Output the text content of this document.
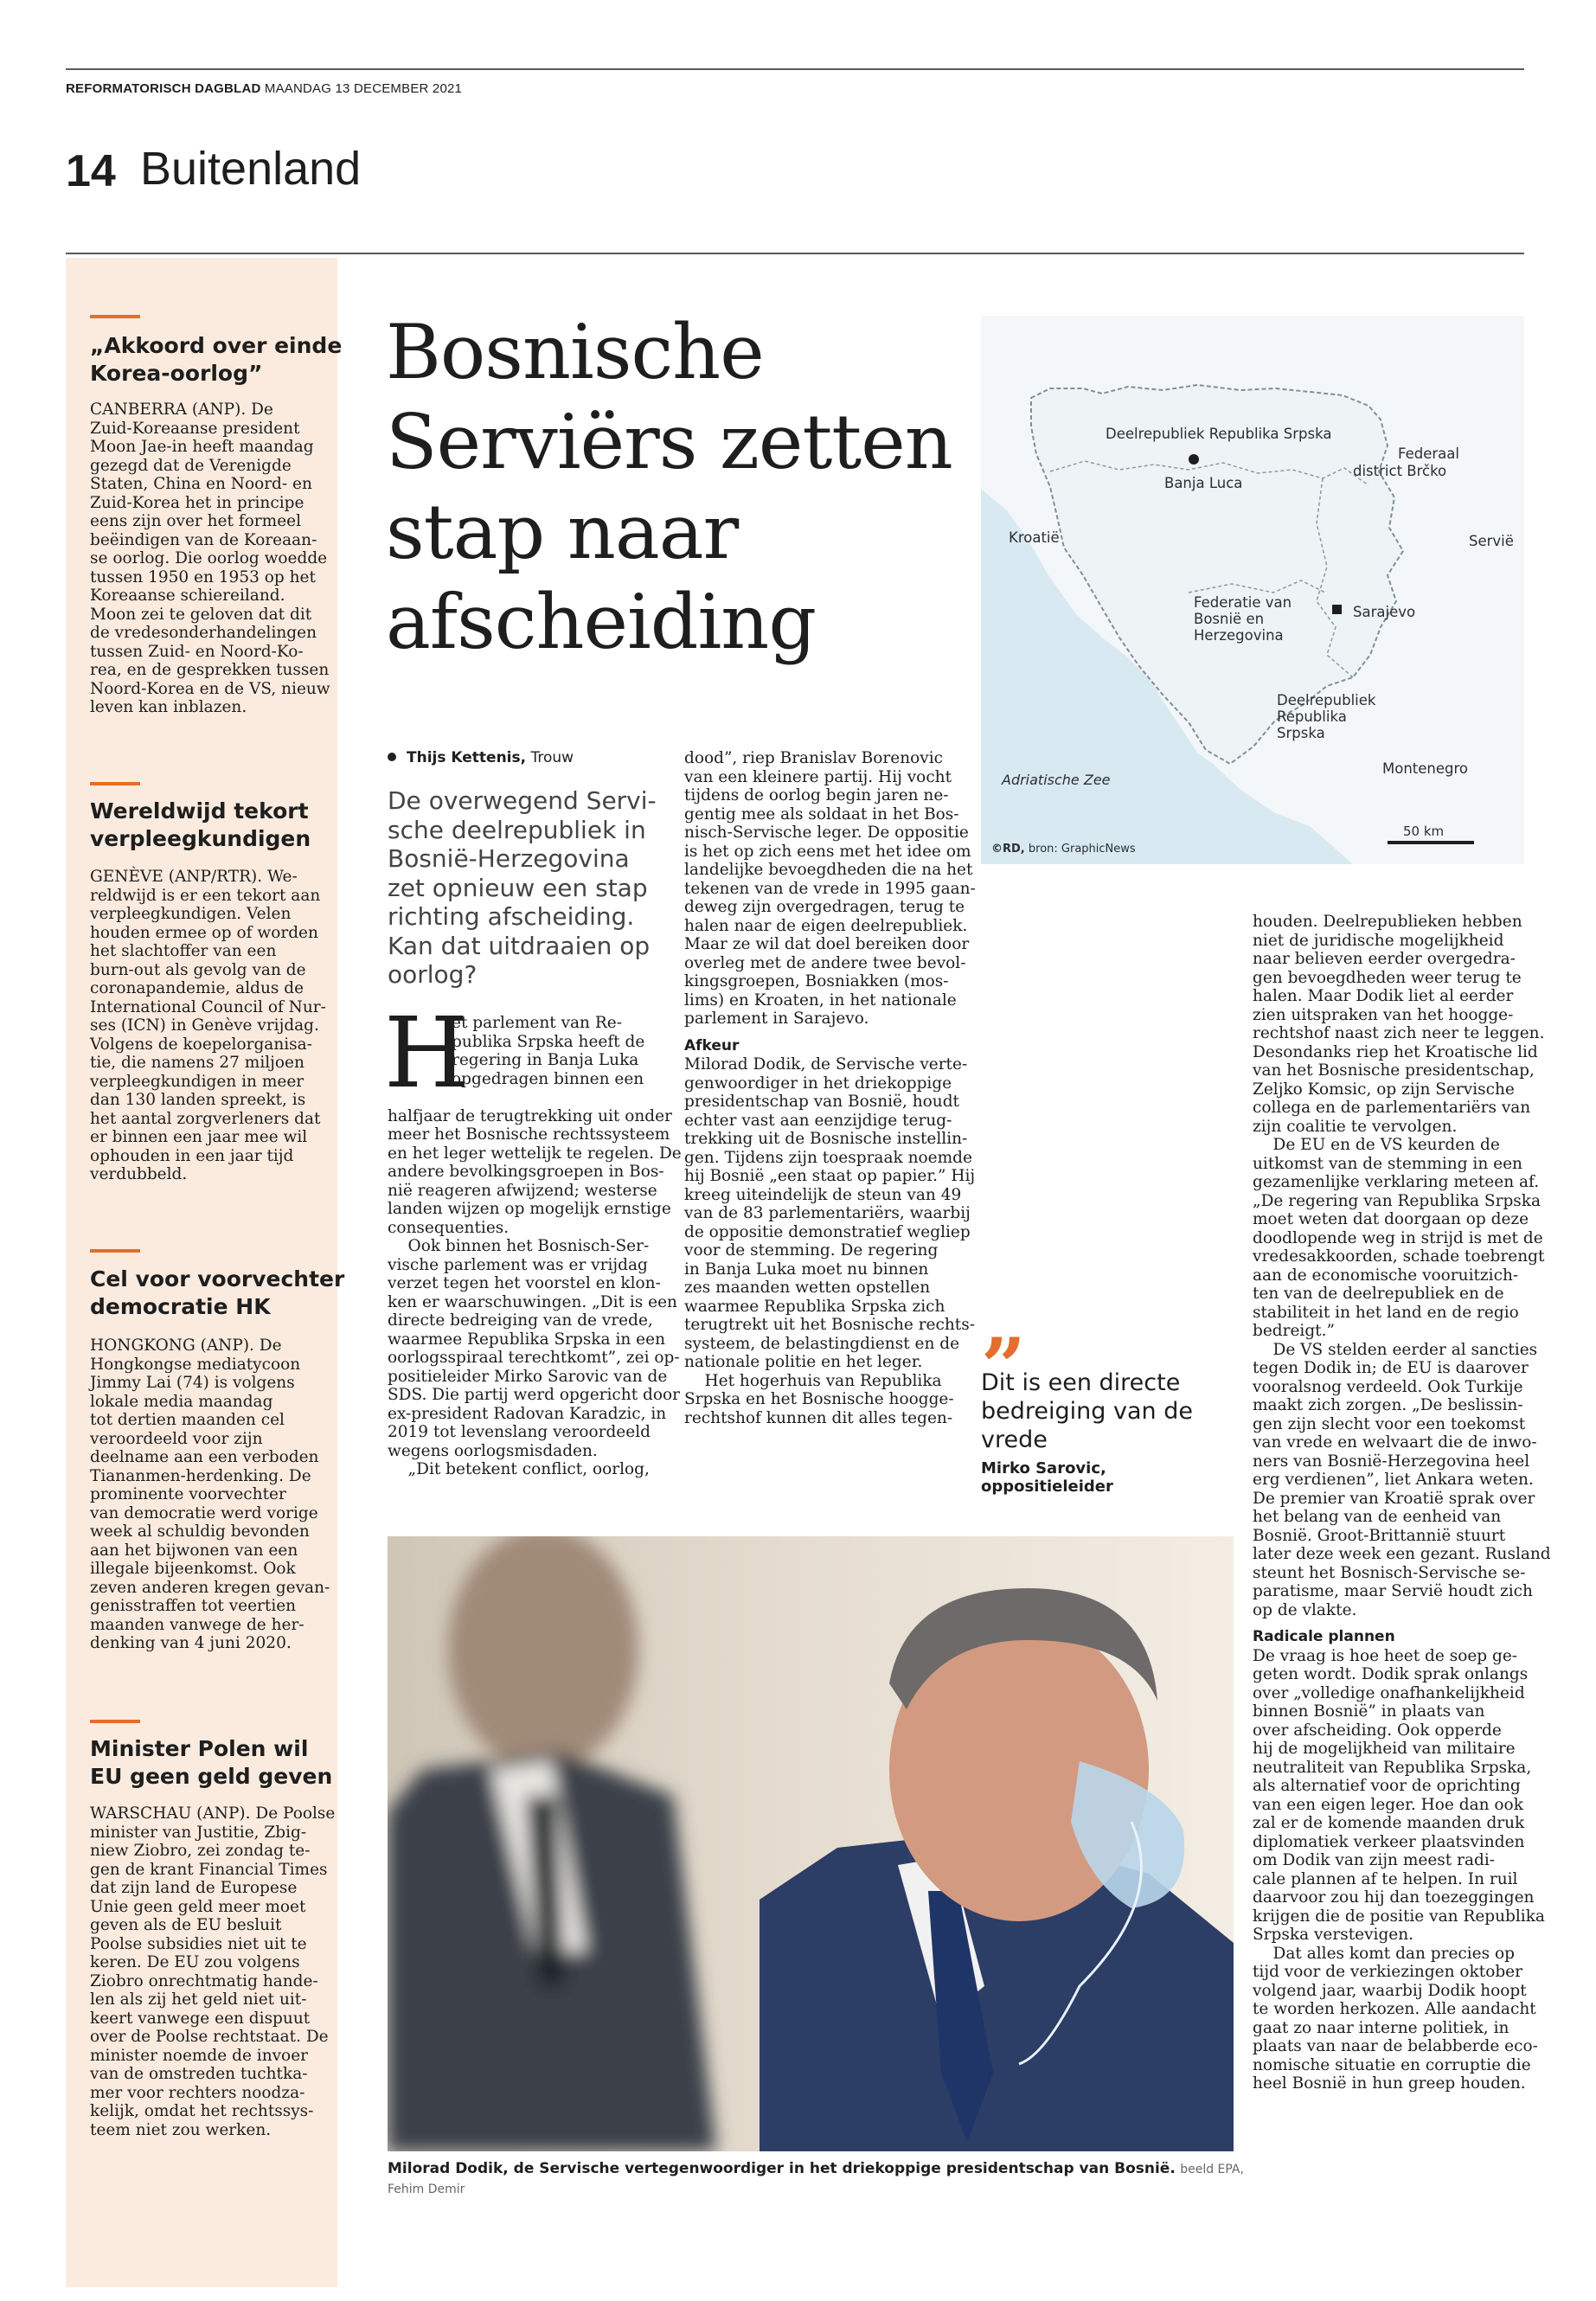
REFORMATORISCH DAGBLAD MAANDAG 13 DECEMBER 2021
14 Buitenland
„Akkoord over einde
Korea-oorlog”
CANBERRA (ANP). De
Zuid-Koreaanse president
Moon Jae-in heeft maandag
gezegd dat de Verenigde
Staten, China en Noord- en
Zuid-Korea het in principe
eens zijn over het formeel
beëindigen van de Koreaan-
se oorlog. Die oorlog woedde
tussen 1950 en 1953 op het
Koreaanse schiereiland.
Moon zei te geloven dat dit
de vredesonderhandelingen
tussen Zuid- en Noord-Ko-
rea, en de gesprekken tussen
Noord-Korea en de VS, nieuw
leven kan inblazen.
Wereldwijd tekort
verpleegkundigen
GENÈVE (ANP/RTR). We-
reldwijd is er een tekort aan
verpleegkundigen. Velen
houden ermee op of worden
het slachtoffer van een
burn-out als gevolg van de
coronapandemie, aldus de
International Council of Nur-
ses (ICN) in Genève vrijdag.
Volgens de koepelorganisa-
tie, die namens 27 miljoen
verpleegkundigen in meer
dan 130 landen spreekt, is
het aantal zorgverleners dat
er binnen een jaar mee wil
ophouden in een jaar tijd
verdubbeld.
Cel voor voorvechter
democratie HK
HONGKONG (ANP). De
Hongkongse mediatycoon
Jimmy Lai (74) is volgens
lokale media maandag
tot dertien maanden cel
veroordeeld voor zijn
deelname aan een verboden
Tiananmen-herdenking. De
prominente voorvechter
van democratie werd vorige
week al schuldig bevonden
aan het bijwonen van een
illegale bijeenkomst. Ook
zeven anderen kregen gevan-
genisstraffen tot veertien
maanden vanwege de her-
denking van 4 juni 2020.
Minister Polen wil
EU geen geld geven
WARSCHAU (ANP). De Poolse
minister van Justitie, Zbig-
niew Ziobro, zei zondag te-
gen de krant Financial Times
dat zijn land de Europese
Unie geen geld meer moet
geven als de EU besluit
Poolse subsidies niet uit te
keren. De EU zou volgens
Ziobro onrechtmatig hande-
len als zij het geld niet uit-
keert vanwege een dispuut
over de Poolse rechtstaat. De
minister noemde de invoer
van de omstreden tuchtka-
mer voor rechters noodza-
kelijk, omdat het rechtssys-
teem niet zou werken.
Bosnische
Serviërs zetten
stap naar
afscheiding
Thijs Kettenis, Trouw
De overwegend Servi-
sche deelrepubliek in
Bosnië-Herzegovina
zet opnieuw een stap
richting afscheiding.
Kan dat uitdraaien op
oorlog?
H
et parlement van Re-
publika Srpska heeft de
regering in Banja Luka
opgedragen binnen een

halfjaar de terugtrekking uit onder
meer het Bosnische rechtssysteem
en het leger wettelijk te regelen. De
andere bevolkingsgroepen in Bos-
nië reageren afwijzend; westerse
landen wijzen op mogelijk ernstige
consequenties.
Ook binnen het Bosnisch-Ser-
vische parlement was er vrijdag
verzet tegen het voorstel en klon-
ken er waarschuwingen. „Dit is een
directe bedreiging van de vrede,
waarmee Republika Srpska in een
oorlogsspiraal terechtkomt”, zei op-
positieleider Mirko Sarovic van de
SDS. Die partij werd opgericht door
ex-president Radovan Karadzic, in
2019 tot levenslang veroordeeld
wegens oorlogsmisdaden.
„Dit betekent conflict, oorlog,

dood”, riep Branislav Borenovic
van een kleinere partij. Hij vocht
tijdens de oorlog begin jaren ne-
gentig mee als soldaat in het Bos-
nisch-Servische leger. De oppositie
is het op zich eens met het idee om
landelijke bevoegdheden die na het
tekenen van de vrede in 1995 gaan-
deweg zijn overgedragen, terug te
halen naar de eigen deelrepubliek.
Maar ze wil dat doel bereiken door
overleg met de andere twee bevol-
kingsgroepen, Bosniakken (mos-
lims) en Kroaten, in het nationale
parlement in Sarajevo.
Afkeur
Milorad Dodik, de Servische verte-
genwoordiger in het driekoppige
presidentschap van Bosnië, houdt
echter vast aan eenzijdige terug-
trekking uit de Bosnische instellin-
gen. Tijdens zijn toespraak noemde
hij Bosnië „een staat op papier.” Hij
kreeg uiteindelijk de steun van 49
van de 83 parlementariërs, waarbij
de oppositie demonstratief wegliep
voor de stemming. De regering
in Banja Luka moet nu binnen
zes maanden wetten opstellen
waarmee Republika Srpska zich
terugtrekt uit het Bosnische rechts-
systeem, de belastingdienst en de
nationale politie en het leger.
Het hogerhuis van Republika
Srpska en het Bosnische hoogge-
rechtshof kunnen dit alles tegen-
Deelrepubliek Republika Srpska
Banja Luca
Federaal district Brčko
Kroatië	Servië
Federatie van Bosnië en Herzegovina
Sarajevo
Deelrepubliek Republika Srpska
Adriatische Zee
Montenegro
50 km
©RD, bron: GraphicNews
”
Dit is een directe
bedreiging van de
vrede
Mirko Sarovic,
oppositieleider
houden. Deelrepublieken hebben
niet de juridische mogelijkheid
naar believen eerder overgedra-
gen bevoegdheden weer terug te
halen. Maar Dodik liet al eerder
zien uitspraken van het hoogge-
rechtshof naast zich neer te leggen.
Desondanks riep het Kroatische lid
van het Bosnische presidentschap,
Zeljko Komsic, op zijn Servische
collega en de parlementariërs van
zijn coalitie te vervolgen.
De EU en de VS keurden de
uitkomst van de stemming in een
gezamenlijke verklaring meteen af.
„De regering van Republika Srpska
moet weten dat doorgaan op deze
doodlopende weg in strijd is met de
vredesakkoorden, schade toebrengt
aan de economische vooruitzich-
ten van de deelrepubliek en de
stabiliteit in het land en de regio
bedreigt.”
De VS stelden eerder al sancties
tegen Dodik in; de EU is daarover
vooralsnog verdeeld. Ook Turkije
maakt zich zorgen. „De beslissin-
gen zijn slecht voor een toekomst
van vrede en welvaart die de inwo-
ners van Bosnië-Herzegovina heel
erg verdienen”, liet Ankara weten.
De premier van Kroatië sprak over
het belang van de eenheid van
Bosnië. Groot-Brittannië stuurt
later deze week een gezant. Rusland
steunt het Bosnisch-Servische se-
paratisme, maar Servië houdt zich
op de vlakte.
Radicale plannen
De vraag is hoe heet de soep ge-
geten wordt. Dodik sprak onlangs
over „volledige onafhankelijkheid
binnen Bosnië” in plaats van
over afscheiding. Ook opperde
hij de mogelijkheid van militaire
neutraliteit van Republika Srpska,
als alternatief voor de oprichting
van een eigen leger. Hoe dan ook
zal er de komende maanden druk
diplomatiek verkeer plaatsvinden
om Dodik van zijn meest radi-
cale plannen af te helpen. In ruil
daarvoor zou hij dan toezeggingen
krijgen die de positie van Republika
Srpska verstevigen.
Dat alles komt dan precies op
tijd voor de verkiezingen oktober
volgend jaar, waarbij Dodik hoopt
te worden herkozen. Alle aandacht
gaat zo naar interne politiek, in
plaats van naar de belabberde eco-
nomische situatie en corruptie die
heel Bosnië in hun greep houden.
Milorad Dodik, de Servische vertegenwoordiger in het driekoppige presidentschap van Bosnië. beeld EPA,
Fehim Demir
